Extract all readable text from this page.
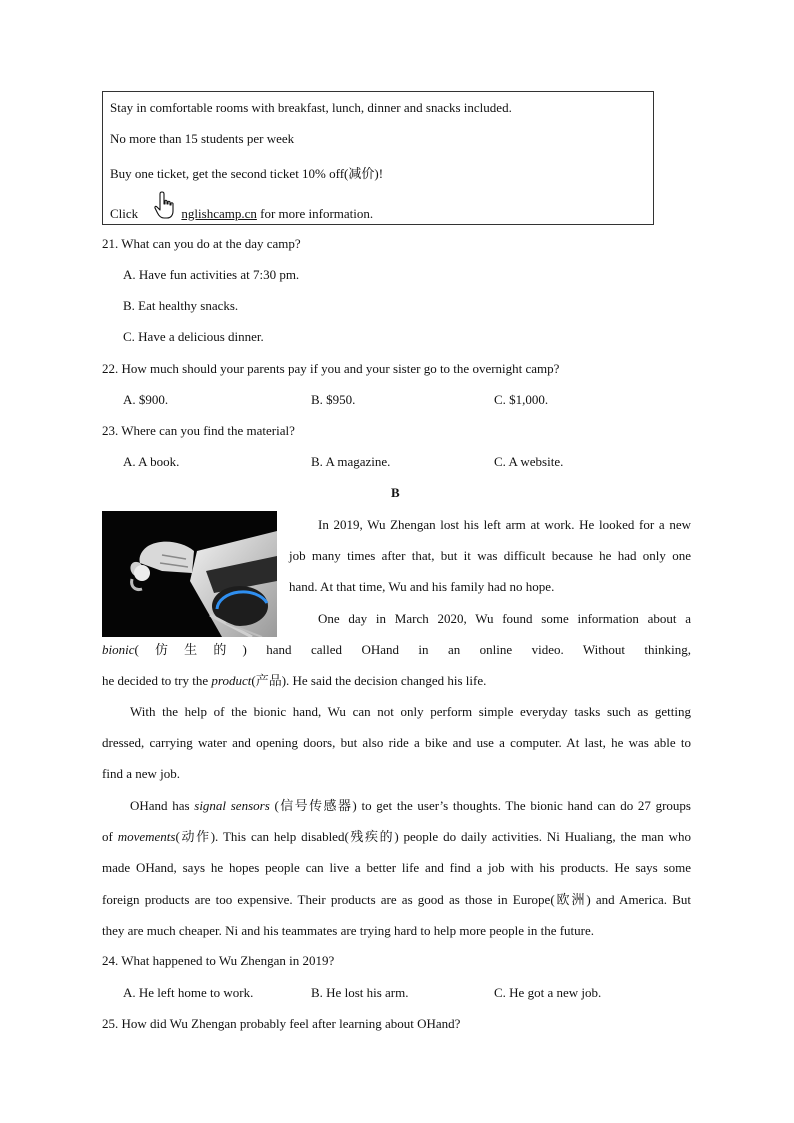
Stay in comfortable rooms with breakfast, lunch, dinner and snacks included.
No more than 15 students per week
Buy one ticket, get the second ticket 10% off(减价)!
Click	nglishcamp.cn for more information.
21. What can you do at the day camp?
A. Have fun activities at 7:30 pm.
B. Eat healthy snacks.
C. Have a delicious dinner.
22. How much should your parents pay if you and your sister go to the overnight camp?
A. $900.	B. $950.	C. $1,000.
23. Where can you find the material?
A. A book.	B. A magazine.	C. A website.
B
In 2019, Wu Zhengan lost his left arm at work. He looked for a new
job many times after that, but it was difficult because he had only one
hand. At that time, Wu and his family had no hope.
One day in March 2020, Wu found some information about a
bionic(仿生的) hand called OHand in an online video. Without thinking,
he decided to try the product(产品). He said the decision changed his life.
With the help of the bionic hand, Wu can not only perform simple everyday tasks such as getting
dressed, carrying water and opening doors, but also ride a bike and use a computer. At last, he was able to
find a new job.
OHand has signal sensors (信号传感器) to get the user’s thoughts. The bionic hand can do 27 groups
of movements(动作). This can help disabled(残疾的) people do daily activities. Ni Hualiang, the man who
made OHand, says he hopes people can live a better life and find a job with his products. He says some
foreign products are too expensive. Their products are as good as those in Europe(欧洲) and America. But
they are much cheaper. Ni and his teammates are trying hard to help more people in the future.
24. What happened to Wu Zhengan in 2019?
A. He left home to work.	B. He lost his arm.	C. He got a new job.
25. How did Wu Zhengan probably feel after learning about OHand?
